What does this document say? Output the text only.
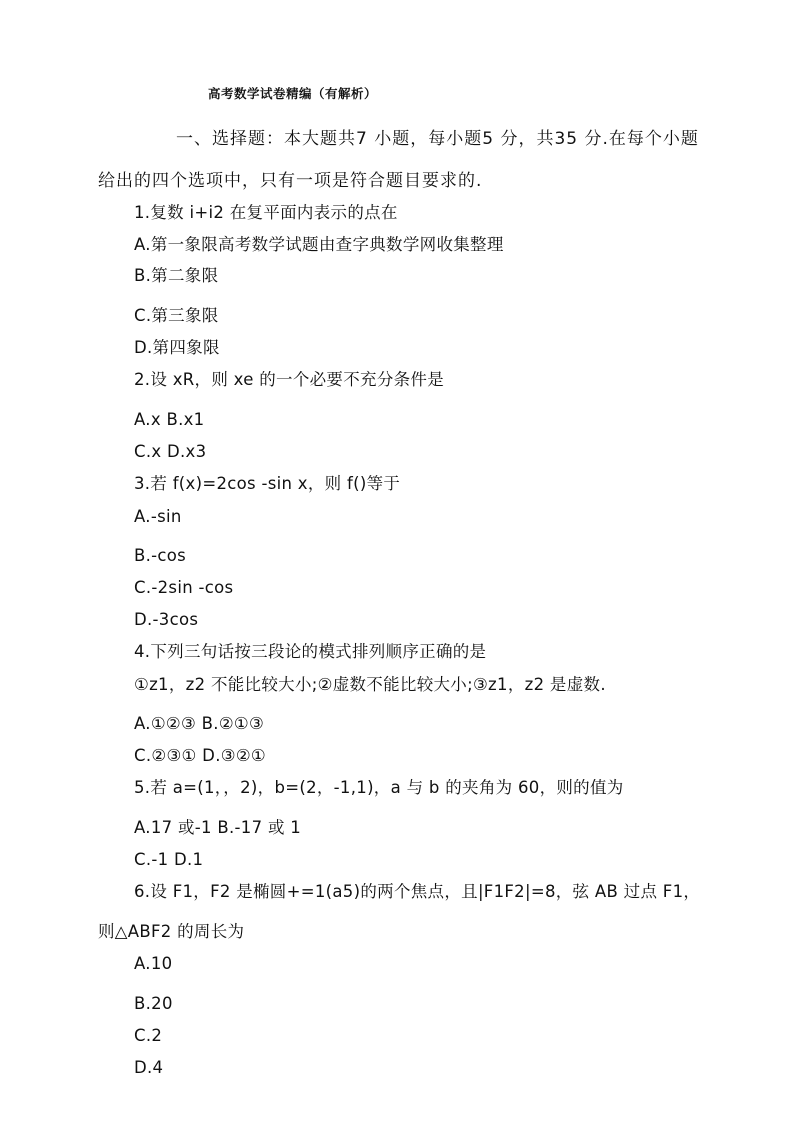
高考数学试卷精编（有解析）
一、选择题：本大题共7 小题，每小题5 分，共35 分.在每个小题
给出的四个选项中，只有一项是符合题目要求的.
1.复数 i+i2 在复平面内表示的点在
A.第一象限高考数学试题由查字典数学网收集整理
B.第二象限
C.第三象限
D.第四象限
2.设 xR，则 xe 的一个必要不充分条件是
A.x B.x1
C.x D.x3
3.若 f(x)=2cos -sin x，则 f()等于
A.-sin
B.-cos
C.-2sin -cos
D.-3cos
4.下列三句话按三段论的模式排列顺序正确的是
①z1，z2 不能比较大小;②虚数不能比较大小;③z1，z2 是虚数.
A.①②③ B.②①③
C.②③① D.③②①
5.若 a=(1，，2)，b=(2，-1,1)，a 与 b 的夹角为 60，则的值为
A.17 或-1 B.-17 或 1
C.-1 D.1
6.设 F1，F2 是椭圆+=1(a5)的两个焦点，且|F1F2|=8，弦 AB 过点 F1，
则△ABF2 的周长为
A.10
B.20
C.2
D.4
